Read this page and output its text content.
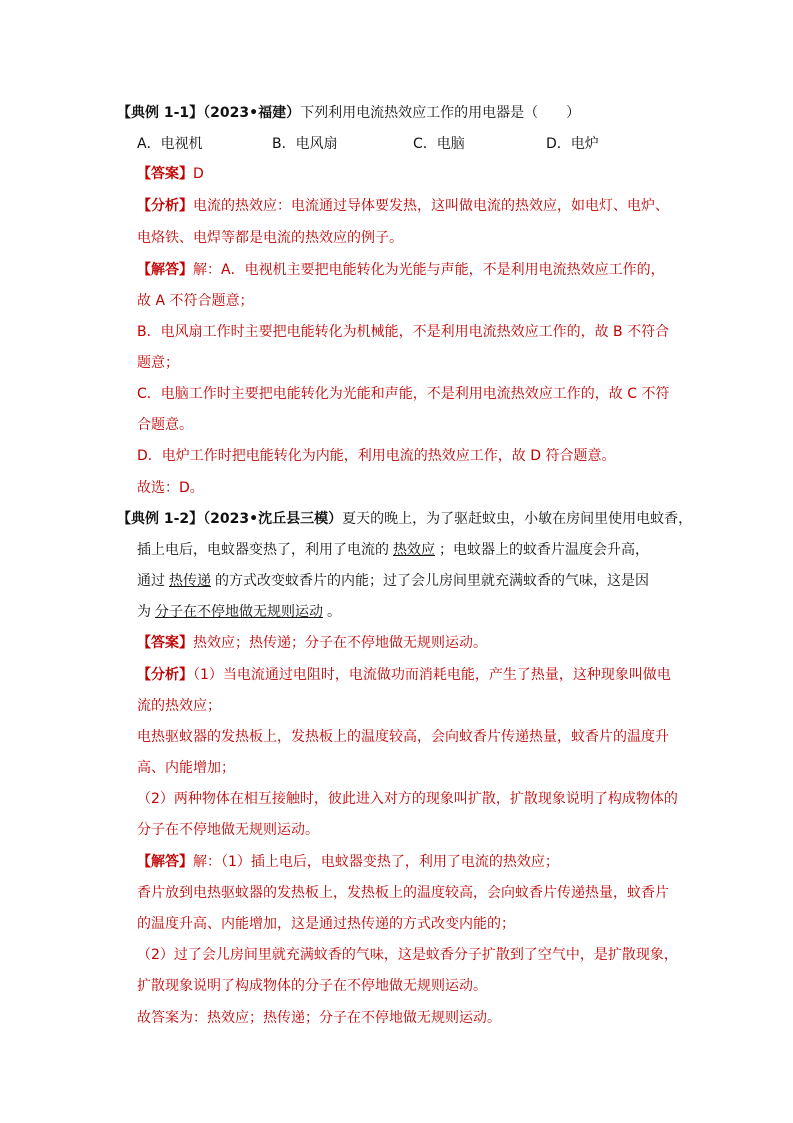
【典例 1-1】（2023•福建）下列利用电流热效应工作的用电器是（　　）
A．电视机	B．电风扇	C．电脑	D．电炉
【答案】D
【分析】电流的热效应：电流通过导体要发热，这叫做电流的热效应，如电灯、电炉、
电烙铁、电焊等都是电流的热效应的例子。
【解答】解：A．电视机主要把电能转化为光能与声能，不是利用电流热效应工作的，
故 A 不符合题意；
B．电风扇工作时主要把电能转化为机械能，不是利用电流热效应工作的，故 B 不符合
题意；
C．电脑工作时主要把电能转化为光能和声能，不是利用电流热效应工作的，故 C 不符
合题意。
D．电炉工作时把电能转化为内能，利用电流的热效应工作，故 D 符合题意。
故选：D。
【典例 1-2】（2023•沈丘县三模）夏天的晚上，为了驱赶蚊虫，小敏在房间里使用电蚊香，
插上电后，电蚊器变热了，利用了电流的 热效应 ；电蚊器上的蚊香片温度会升高，
通过 热传递 的方式改变蚊香片的内能；过了会儿房间里就充满蚊香的气味，这是因
为 分子在不停地做无规则运动 。
【答案】热效应；热传递；分子在不停地做无规则运动。
【分析】（1）当电流通过电阻时，电流做功而消耗电能，产生了热量，这种现象叫做电
流的热效应；
电热驱蚊器的发热板上，发热板上的温度较高，会向蚊香片传递热量，蚊香片的温度升
高、内能增加；
（2）两种物体在相互接触时，彼此进入对方的现象叫扩散，扩散现象说明了构成物体的
分子在不停地做无规则运动。
【解答】解：（1）插上电后，电蚊器变热了，利用了电流的热效应；
香片放到电热驱蚊器的发热板上，发热板上的温度较高，会向蚊香片传递热量，蚊香片
的温度升高、内能增加，这是通过热传递的方式改变内能的；
（2）过了会儿房间里就充满蚊香的气味，这是蚊香分子扩散到了空气中，是扩散现象，
扩散现象说明了构成物体的分子在不停地做无规则运动。
故答案为：热效应；热传递；分子在不停地做无规则运动。
